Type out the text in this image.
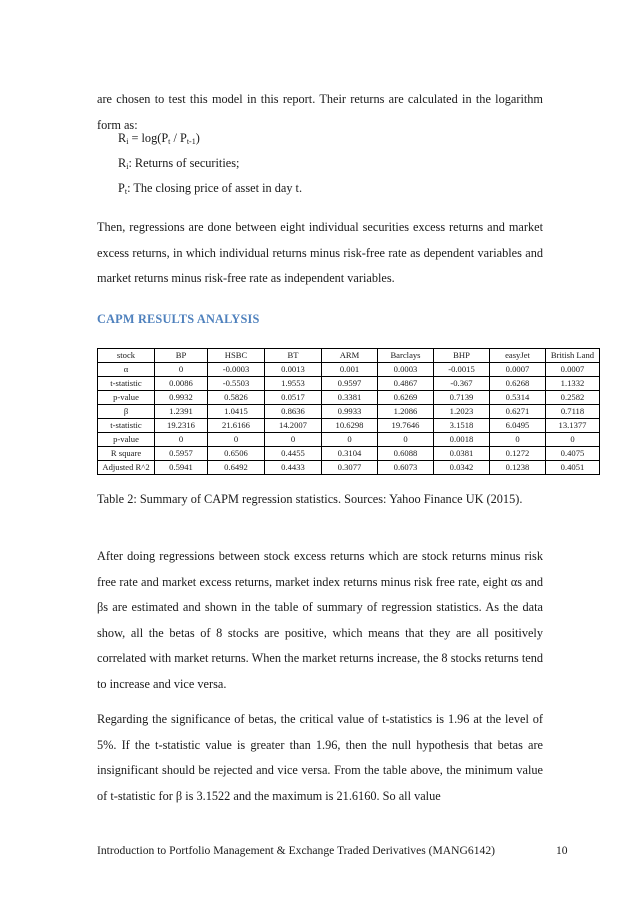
are chosen to test this model in this report. Their returns are calculated in the logarithm form as:

$R_i = \log(P_t / P_{t-1})$

$R_i$: Returns of securities;

$P_t$: The closing price of asset in day t.

Then, regressions are done between eight individual securities excess returns and market excess returns, in which individual returns minus risk-free rate as dependent variables and market returns minus risk-free rate as independent variables.

CAPM RESULTS ANALYSIS

stock	BP	HSBC	BT	ARM	Barclays	BHP	easyJet	British Land
α	0	-0.0003	0.0013	0.001	0.0003	-0.0015	0.0007	0.0007
t-statistic	0.0086	-0.5503	1.9553	0.9597	0.4867	-0.367	0.6268	1.1332
p-value	0.9932	0.5826	0.0517	0.3381	0.6269	0.7139	0.5314	0.2582
β	1.2391	1.0415	0.8636	0.9933	1.2086	1.2023	0.6271	0.7118
t-statistic	19.2316	21.6166	14.2007	10.6298	19.7646	3.1518	6.0495	13.1377
p-value	0	0	0	0	0	0.0018	0	0
R square	0.5957	0.6506	0.4455	0.3104	0.6088	0.0381	0.1272	0.4075
Adjusted R^2	0.5941	0.6492	0.4433	0.3077	0.6073	0.0342	0.1238	0.4051

Table 2: Summary of CAPM regression statistics. Sources: Yahoo Finance UK (2015).

After doing regressions between stock excess returns which are stock returns minus risk free rate and market excess returns, market index returns minus risk free rate, eight αs and βs are estimated and shown in the table of summary of regression statistics. As the data show, all the betas of 8 stocks are positive, which means that they are all positively correlated with market returns. When the market returns increase, the 8 stocks returns tend to increase and vice versa.

Regarding the significance of betas, the critical value of t-statistics is 1.96 at the level of 5%. If the t-statistic value is greater than 1.96, then the null hypothesis that betas are insignificant should be rejected and vice versa. From the table above, the minimum value of t-statistic for β is 3.1522 and the maximum is 21.6160. So all value

Introduction to Portfolio Management & Exchange Traded Derivatives (MANG6142)	10
